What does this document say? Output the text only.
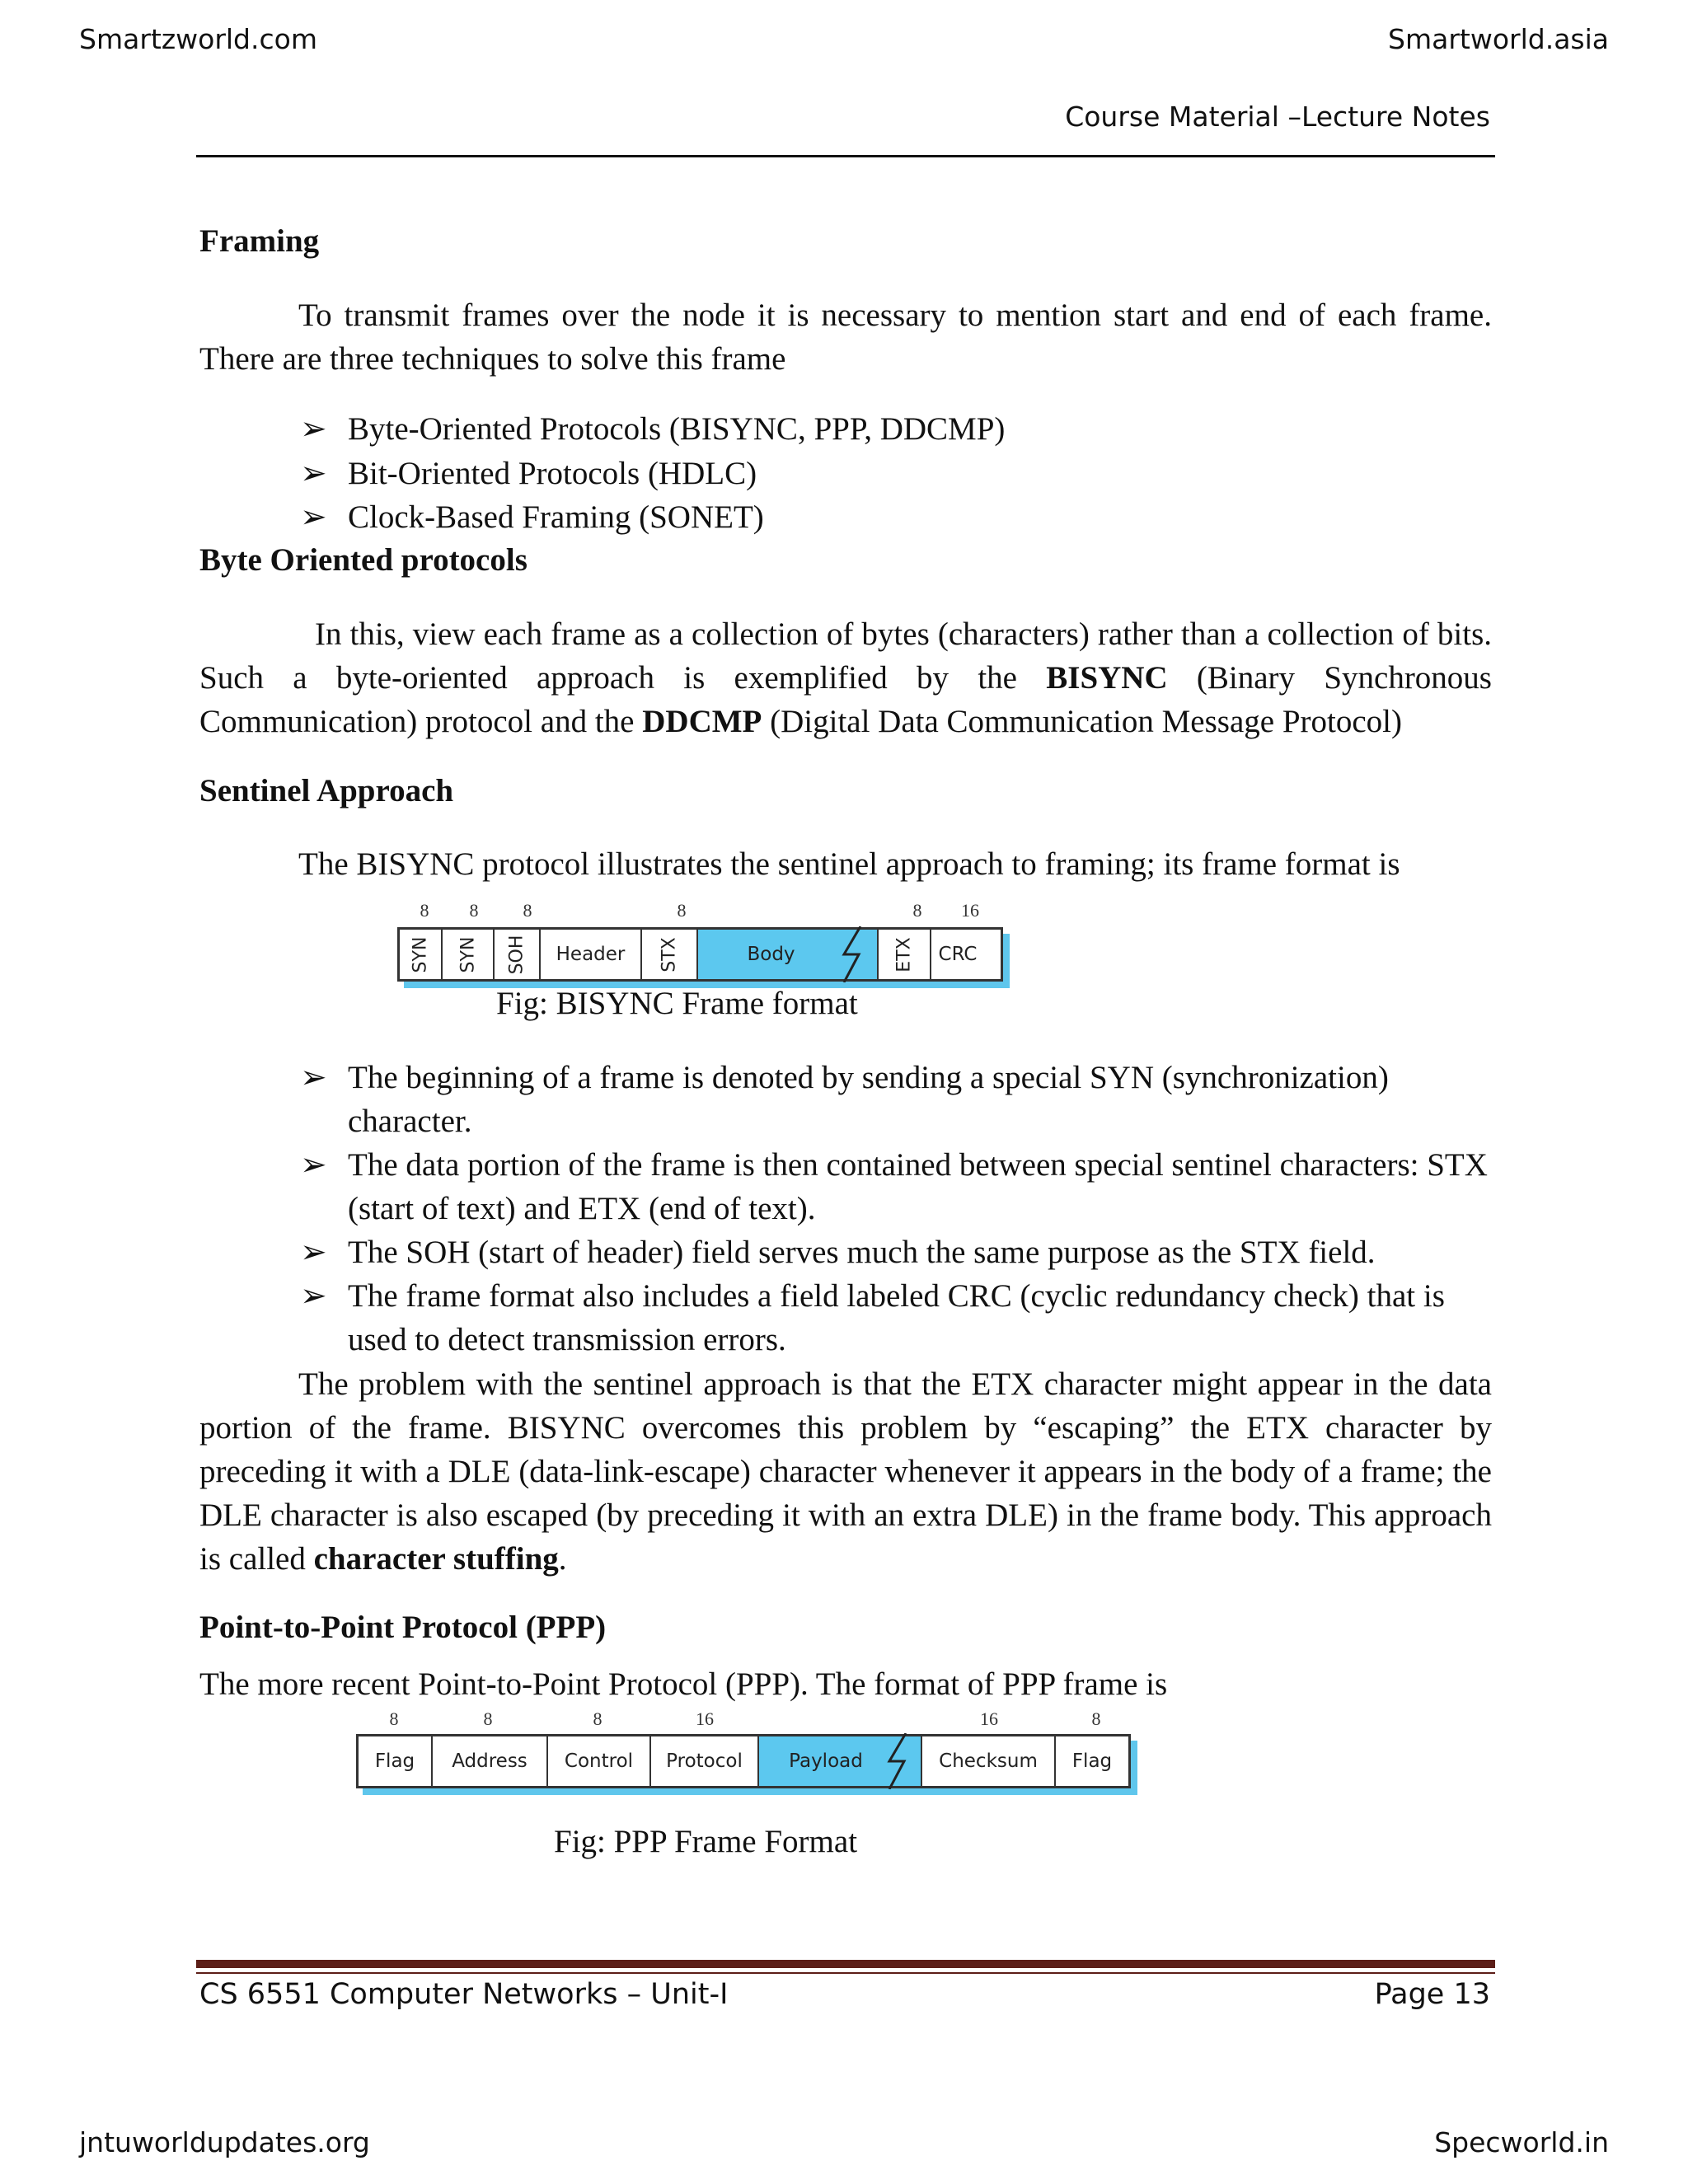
Smartzworld.com	Smartworld.asia
Course Material –Lecture Notes
Framing
To transmit frames over the node it is necessary to mention start and end of each frame. There are three techniques to solve this frame
➢ Byte-Oriented Protocols (BISYNC, PPP, DDCMP)
➢ Bit-Oriented Protocols (HDLC)
➢ Clock-Based Framing (SONET)
Byte Oriented protocols
In this, view each frame as a collection of bytes (characters) rather than a collection of bits. Such a byte-oriented approach is exemplified by the BISYNC (Binary Synchronous Communication) protocol and the DDCMP (Digital Data Communication Message Protocol)
Sentinel Approach
The BISYNC protocol illustrates the sentinel approach to framing; its frame format is
8	8	8	8	8	16
SYN SYN SOH	Header	STX	Body	ETX	CRC
Fig: BISYNC Frame format
➢ The beginning of a frame is denoted by sending a special SYN (synchronization) character.
➢ The data portion of the frame is then contained between special sentinel characters: STX (start of text) and ETX (end of text).
➢ The SOH (start of header) field serves much the same purpose as the STX field.
➢ The frame format also includes a field labeled CRC (cyclic redundancy check) that is used to detect transmission errors.
The problem with the sentinel approach is that the ETX character might appear in the data portion of the frame. BISYNC overcomes this problem by “escaping” the ETX character by preceding it with a DLE (data-link-escape) character whenever it appears in the body of a frame; the DLE character is also escaped (by preceding it with an extra DLE) in the frame body. This approach is called character stuffing.
Point-to-Point Protocol (PPP)
The more recent Point-to-Point Protocol (PPP). The format of PPP frame is
8	8	8	16	16	8
Flag	Address	Control	Protocol	Payload	Checksum	Flag
Fig: PPP Frame Format
CS 6551 Computer Networks – Unit-I	Page 13
jntuworldupdates.org	Specworld.in
